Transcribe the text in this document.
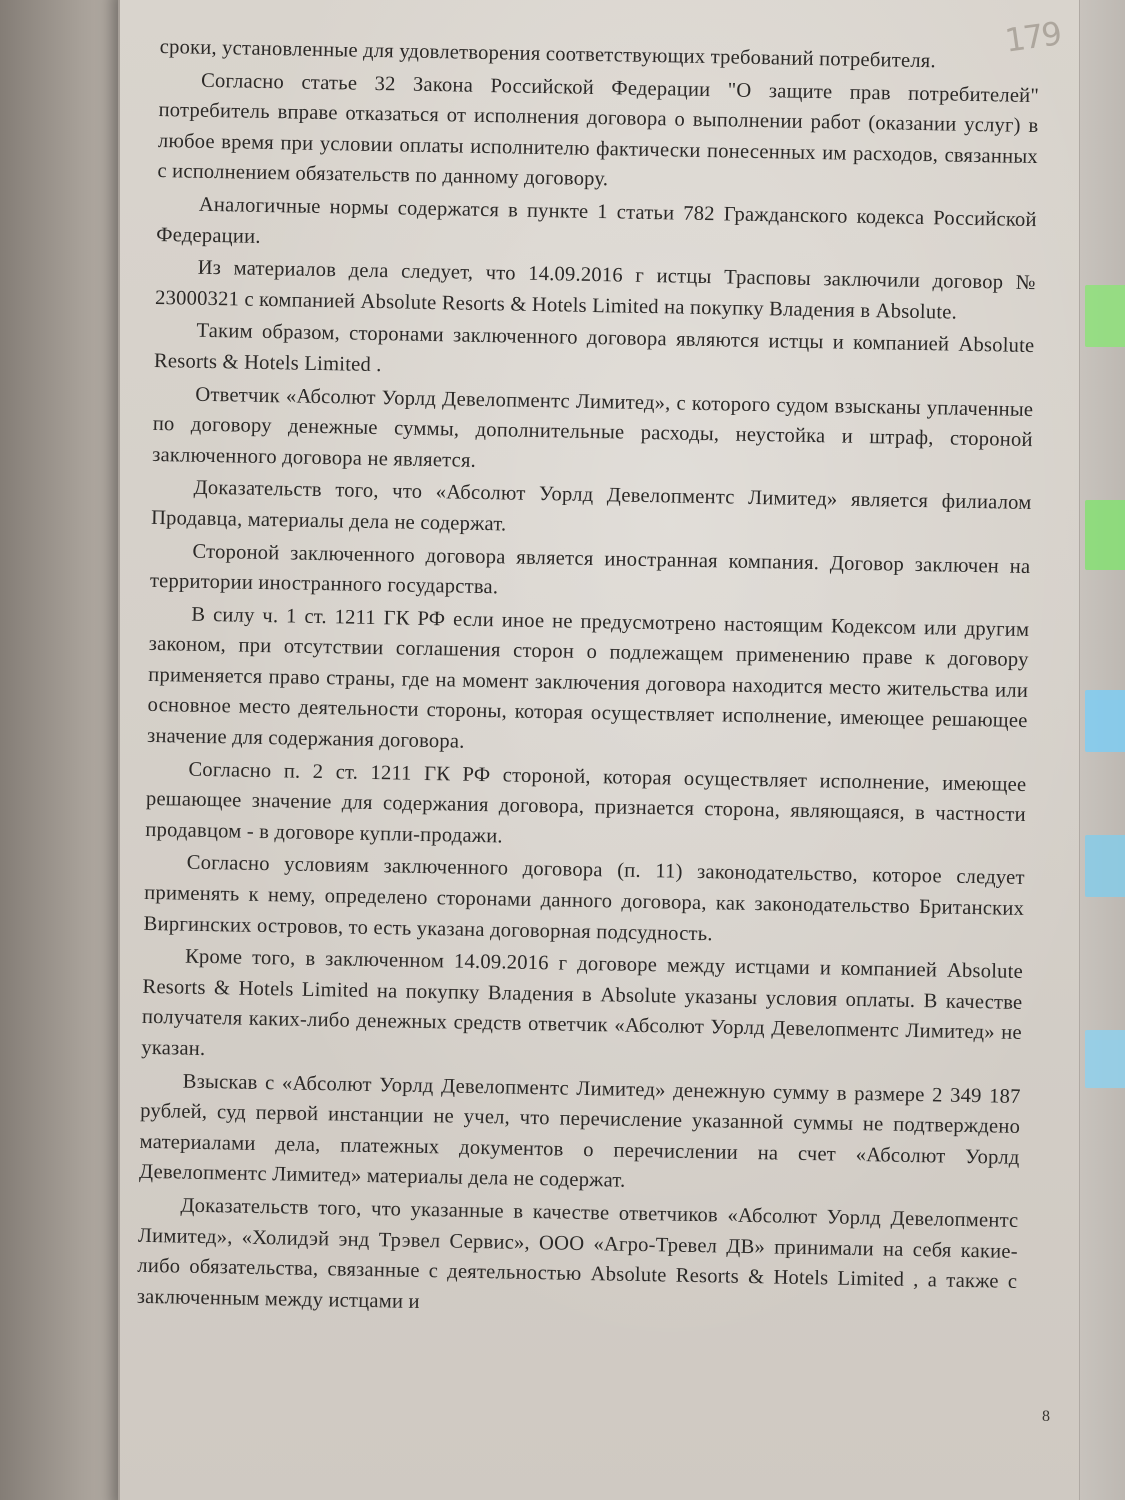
179

сроки, установленные для удовлетворения соответствующих требований потребителя.

Согласно статье 32 Закона Российской Федерации "О защите прав потребителей" потребитель вправе отказаться от исполнения договора о выполнении работ (оказании услуг) в любое время при условии оплаты исполнителю фактически понесенных им расходов, связанных с исполнением обязательств по данному договору.

Аналогичные нормы содержатся в пункте 1 статьи 782 Гражданского кодекса Российской Федерации.

Из материалов дела следует, что 14.09.2016 г истцы Трасповы заключили договор № 23000321 с компанией Absolute Resorts & Hotels Limited на покупку Владения в Absolute.

Таким образом, сторонами заключенного договора являются истцы и компанией Absolute Resorts & Hotels Limited .

Ответчик «Абсолют Уорлд Девелопментс Лимитед», с которого судом взысканы уплаченные по договору денежные суммы, дополнительные расходы, неустойка и штраф, стороной заключенного договора не является.

Доказательств того, что «Абсолют Уорлд Девелопментс Лимитед» является филиалом Продавца, материалы дела не содержат.

Стороной заключенного договора является иностранная компания. Договор заключен на территории иностранного государства.

В силу ч. 1 ст. 1211 ГК РФ если иное не предусмотрено настоящим Кодексом или другим законом, при отсутствии соглашения сторон о подлежащем применению праве к договору применяется право страны, где на момент заключения договора находится место жительства или основное место деятельности стороны, которая осуществляет исполнение, имеющее решающее значение для содержания договора.

Согласно п. 2 ст. 1211 ГК РФ стороной, которая осуществляет исполнение, имеющее решающее значение для содержания договора, признается сторона, являющаяся, в частности продавцом - в договоре купли-продажи.

Согласно условиям заключенного договора (п. 11) законодательство, которое следует применять к нему, определено сторонами данного договора, как законодательство Британских Виргинских островов, то есть указана договорная подсудность.

Кроме того, в заключенном 14.09.2016 г договоре между истцами и компанией Absolute Resorts & Hotels Limited на покупку Владения в Absolute указаны условия оплаты. В качестве получателя каких-либо денежных средств ответчик «Абсолют Уорлд Девелопментс Лимитед» не указан.

Взыскав с «Абсолют Уорлд Девелопментс Лимитед» денежную сумму в размере 2 349 187 рублей, суд первой инстанции не учел, что перечисление указанной суммы не подтверждено материалами дела, платежных документов о перечислении на счет «Абсолют Уорлд Девелопментс Лимитед» материалы дела не содержат.

Доказательств того, что указанные в качестве ответчиков «Абсолют Уорлд Девелопментс Лимитед», «Холидэй энд Трэвел Сервис», ООО «Агро-Тревел ДВ» принимали на себя какие-либо обязательства, связанные с деятельностью Absolute Resorts & Hotels Limited , а также с заключенным между истцами и

8
